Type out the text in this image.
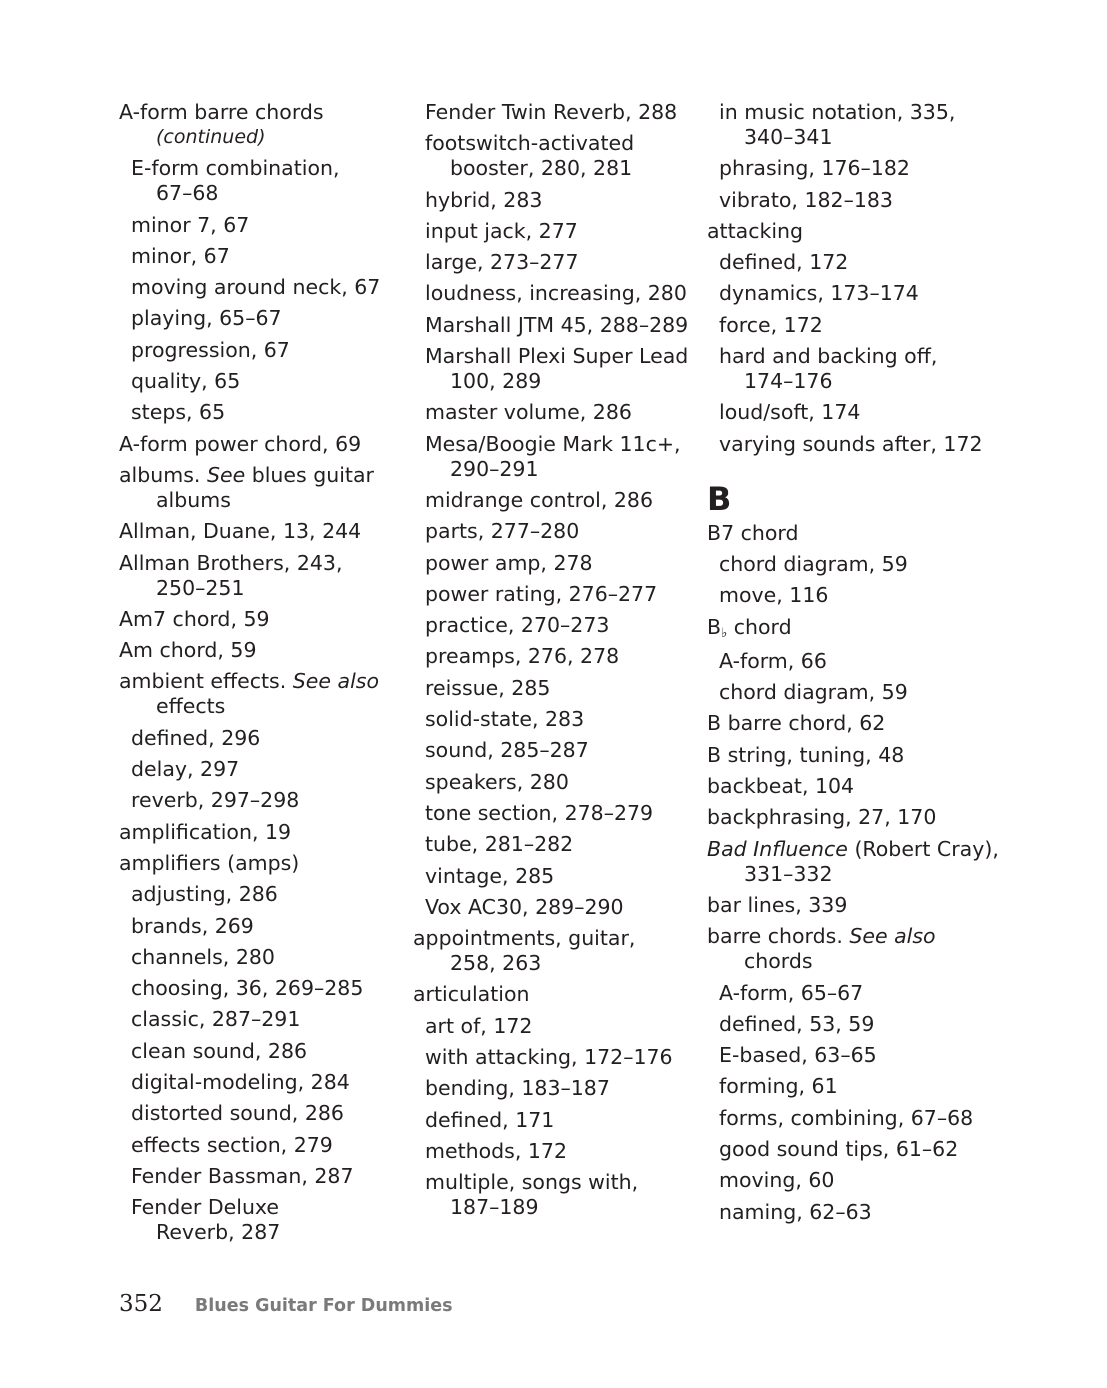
A-form barre chords
(continued)
E-form combination,
67–68
minor 7, 67
minor, 67
moving around neck, 67
playing, 65–67
progression, 67
quality, 65
steps, 65
A-form power chord, 69
albums. See blues guitar
albums
Allman, Duane, 13, 244
Allman Brothers, 243,
250–251
Am7 chord, 59
Am chord, 59
ambient effects. See also
effects
defined, 296
delay, 297
reverb, 297–298
amplification, 19
amplifiers (amps)
adjusting, 286
brands, 269
channels, 280
choosing, 36, 269–285
classic, 287–291
clean sound, 286
digital-modeling, 284
distorted sound, 286
effects section, 279
Fender Bassman, 287
Fender Deluxe
Reverb, 287
Fender Twin Reverb, 288
footswitch-activated
booster, 280, 281
hybrid, 283
input jack, 277
large, 273–277
loudness, increasing, 280
Marshall JTM 45, 288–289
Marshall Plexi Super Lead
100, 289
master volume, 286
Mesa/Boogie Mark 11c+,
290–291
midrange control, 286
parts, 277–280
power amp, 278
power rating, 276–277
practice, 270–273
preamps, 276, 278
reissue, 285
solid-state, 283
sound, 285–287
speakers, 280
tone section, 278–279
tube, 281–282
vintage, 285
Vox AC30, 289–290
appointments, guitar,
258, 263
articulation
art of, 172
with attacking, 172–176
bending, 183–187
defined, 171
methods, 172
multiple, songs with,
187–189
in music notation, 335,
340–341
phrasing, 176–182
vibrato, 182–183
attacking
defined, 172
dynamics, 173–174
force, 172
hard and backing off,
174–176
loud/soft, 174
varying sounds after, 172
B
B7 chord
chord diagram, 59
move, 116
B♭ chord
A-form, 66
chord diagram, 59
B barre chord, 62
B string, tuning, 48
backbeat, 104
backphrasing, 27, 170
Bad Influence (Robert Cray),
331–332
bar lines, 339
barre chords. See also
chords
A-form, 65–67
defined, 53, 59
E-based, 63–65
forming, 61
forms, combining, 67–68
good sound tips, 61–62
moving, 60
naming, 62–63
352 Blues Guitar For Dummies
